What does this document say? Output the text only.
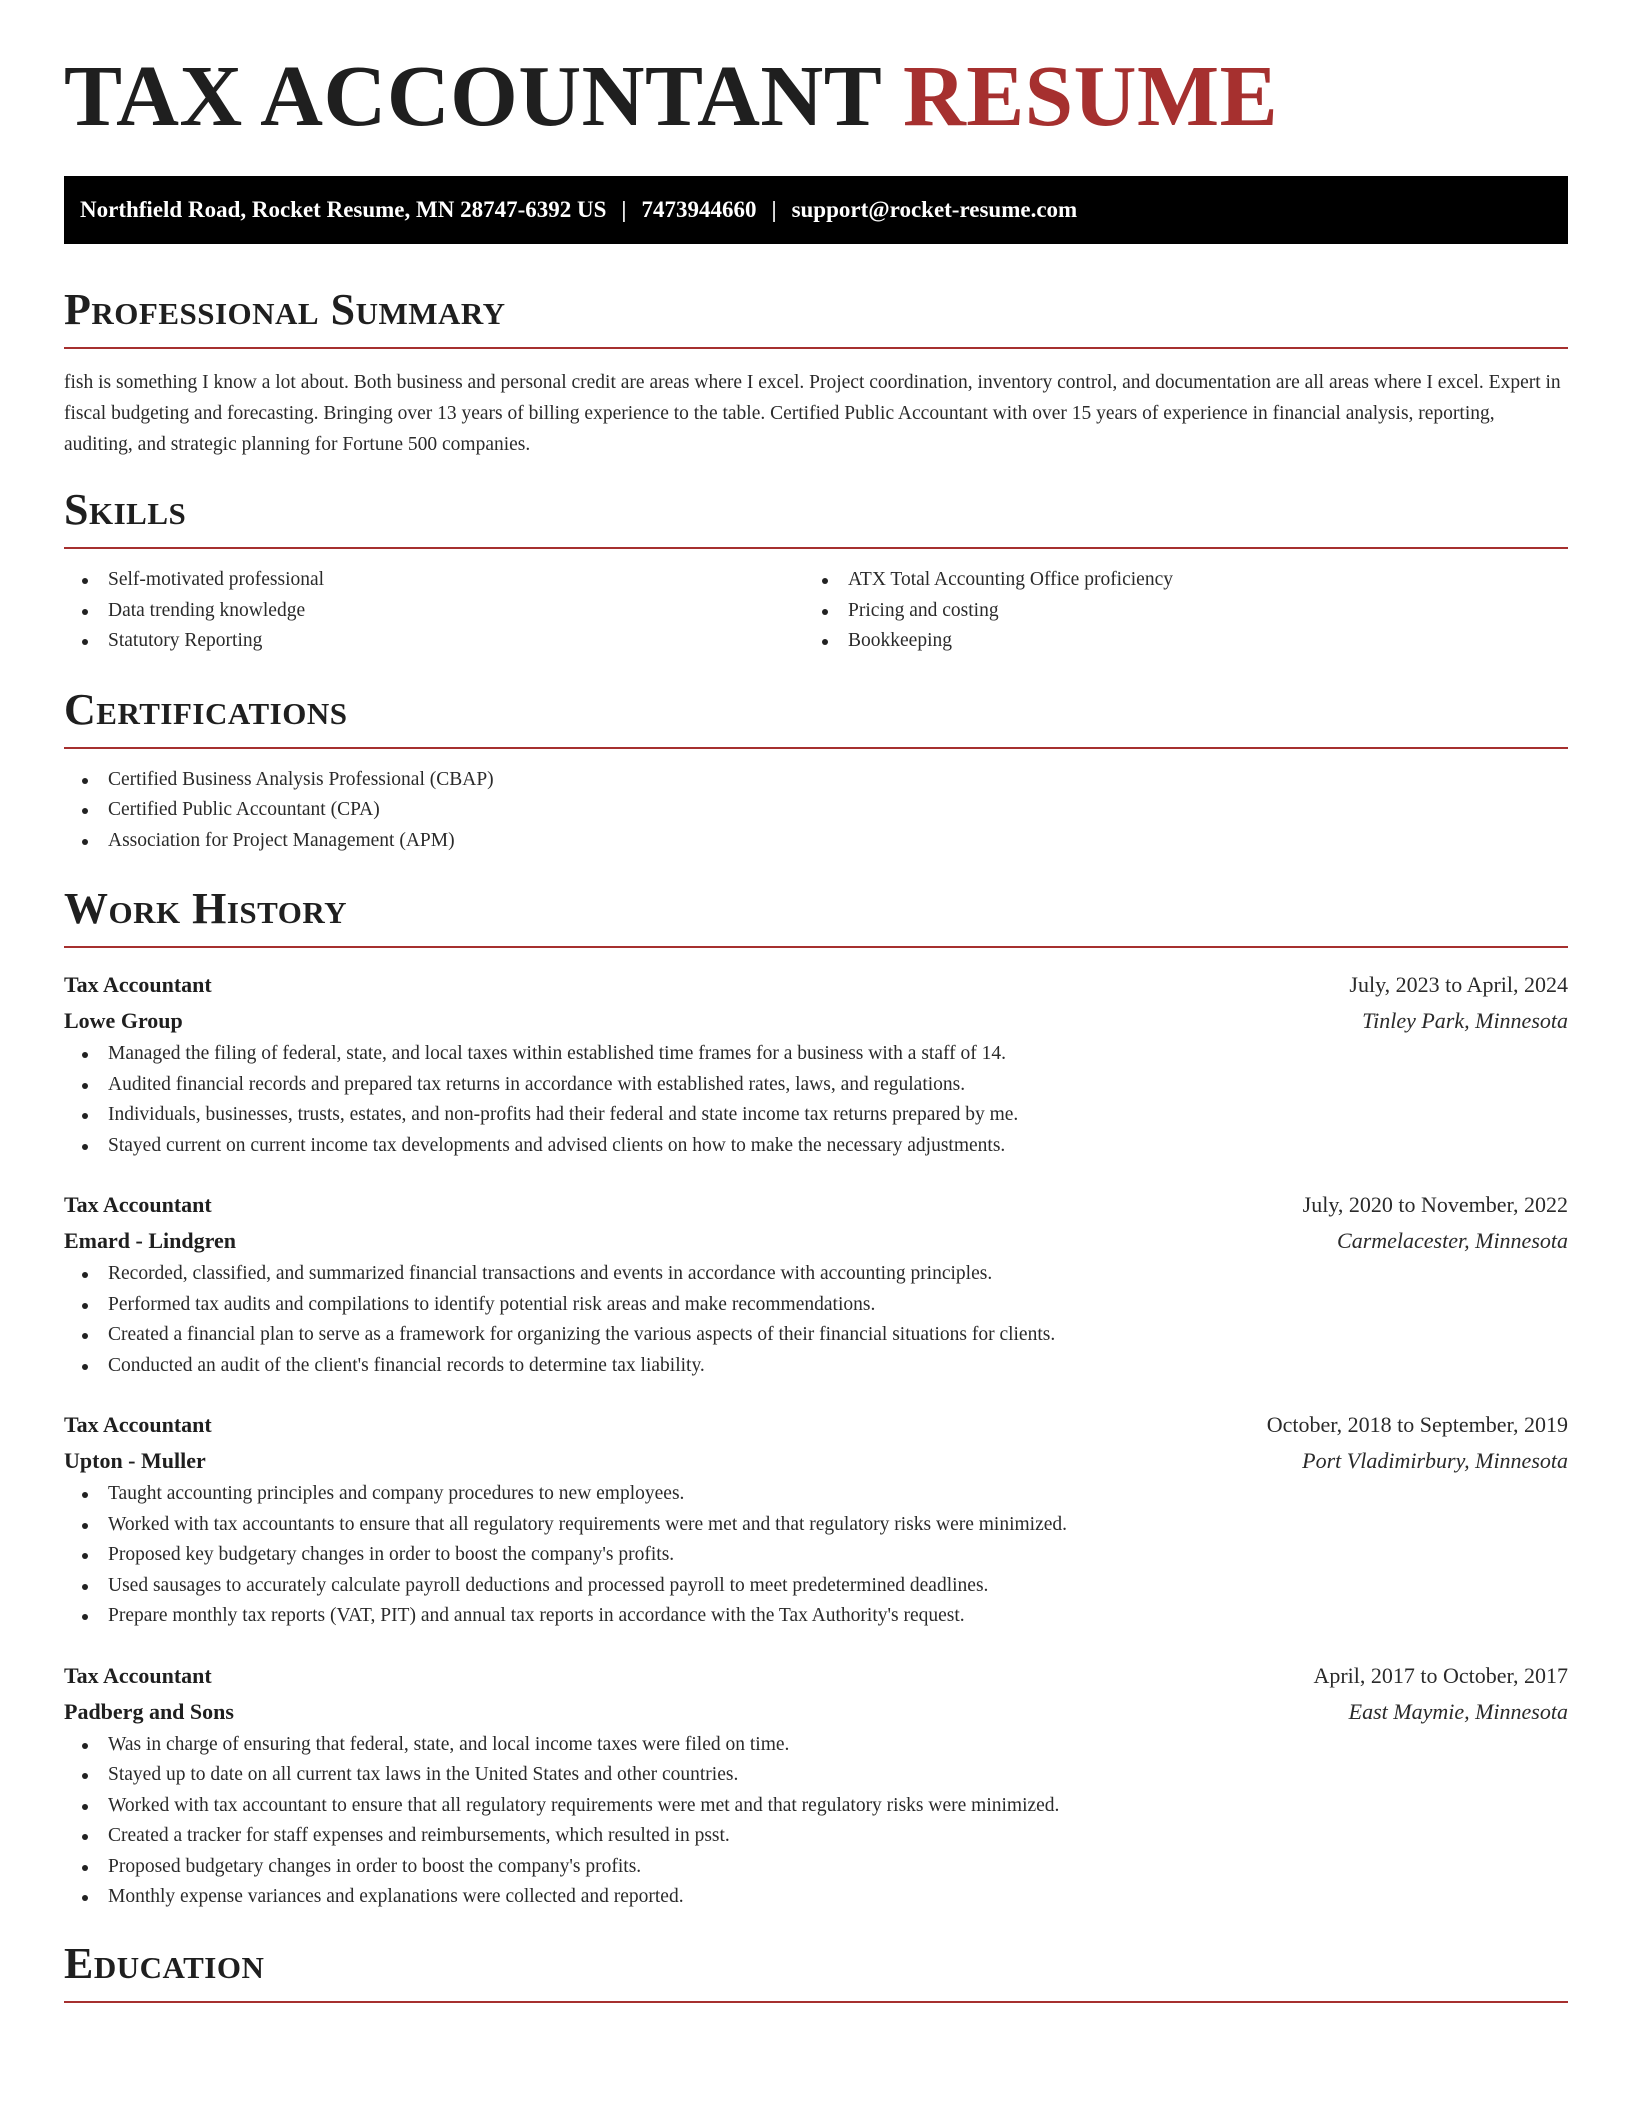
TAX ACCOUNTANT RESUME
Northfield Road, Rocket Resume, MN 28747-6392 US | 7473944660 | support@rocket-resume.com
Professional Summary

fish is something I know a lot about. Both business and personal credit are areas where I excel. Project coordination, inventory control, and documentation are all areas where I excel. Expert in fiscal budgeting and forecasting. Bringing over 13 years of billing experience to the table. Certified Public Accountant with over 15 years of experience in financial analysis, reporting, auditing, and strategic planning for Fortune 500 companies.

Skills
Self-motivated professional
Data trending knowledge
Statutory Reporting
ATX Total Accounting Office proficiency
Pricing and costing
Bookkeeping
Certifications
Certified Business Analysis Professional (CBAP)
Certified Public Accountant (CPA)
Association for Project Management (APM)
Work History
Tax Accountant	July, 2023 to April, 2024
Lowe Group	Tinley Park, Minnesota
Managed the filing of federal, state, and local taxes within established time frames for a business with a staff of 14.
Audited financial records and prepared tax returns in accordance with established rates, laws, and regulations.
Individuals, businesses, trusts, estates, and non-profits had their federal and state income tax returns prepared by me.
Stayed current on current income tax developments and advised clients on how to make the necessary adjustments.
Tax Accountant	July, 2020 to November, 2022
Emard - Lindgren	Carmelacester, Minnesota
Recorded, classified, and summarized financial transactions and events in accordance with accounting principles.
Performed tax audits and compilations to identify potential risk areas and make recommendations.
Created a financial plan to serve as a framework for organizing the various aspects of their financial situations for clients.
Conducted an audit of the client's financial records to determine tax liability.
Tax Accountant	October, 2018 to September, 2019
Upton - Muller	Port Vladimirbury, Minnesota
Taught accounting principles and company procedures to new employees.
Worked with tax accountants to ensure that all regulatory requirements were met and that regulatory risks were minimized.
Proposed key budgetary changes in order to boost the company's profits.
Used sausages to accurately calculate payroll deductions and processed payroll to meet predetermined deadlines.
Prepare monthly tax reports (VAT, PIT) and annual tax reports in accordance with the Tax Authority's request.
Tax Accountant	April, 2017 to October, 2017
Padberg and Sons	East Maymie, Minnesota
Was in charge of ensuring that federal, state, and local income taxes were filed on time.
Stayed up to date on all current tax laws in the United States and other countries.
Worked with tax accountant to ensure that all regulatory requirements were met and that regulatory risks were minimized.
Created a tracker for staff expenses and reimbursements, which resulted in psst.
Proposed budgetary changes in order to boost the company's profits.
Monthly expense variances and explanations were collected and reported.
Education
